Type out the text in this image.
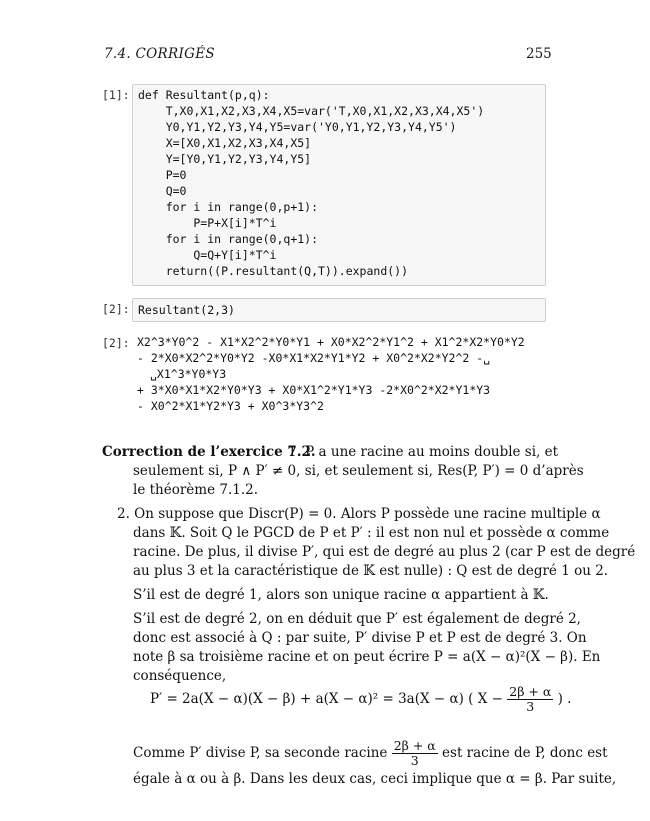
7.4. CORRIGÉS	255
[1]: def Resultant(p,q):
T,X0,X1,X2,X3,X4,X5=var('T,X0,X1,X2,X3,X4,X5')
Y0,Y1,Y2,Y3,Y4,Y5=var('Y0,Y1,Y2,Y3,Y4,Y5')
X=[X0,X1,X2,X3,X4,X5]
Y=[Y0,Y1,Y2,Y3,Y4,Y5]
P=0
Q=0
for i in range(0,p+1):
P=P+X[i]*T^i
for i in range(0,q+1):
Q=Q+Y[i]*T^i
return((P.resultant(Q,T)).expand())
[2]: Resultant(2,3)
[2]: X2^3*Y0^2 - X1*X2^2*Y0*Y1 + X0*X2^2*Y1^2 + X1^2*X2*Y0*Y2
- 2*X0*X2^2*Y0*Y2 -X0*X1*X2*Y1*Y2 + X0^2*X2*Y2^2 -␣
␣X1^3*Y0*Y3
+ 3*X0*X1*X2*Y0*Y3 + X0*X1^2*Y1*Y3 -2*X0^2*X2*Y1*Y3
- X0^2*X1*Y2*Y3 + X0^3*Y3^2
Correction de l’exercice 7.2.
1. P a une racine au moins double si, et
seulement si, P ∧ P′ ≠ 0, si, et seulement si, Res(P, P′) = 0 d’après
le théorème 7.1.2.
2. On suppose que Discr(P) = 0. Alors P possède une racine multiple α
dans 𝕂. Soit Q le PGCD de P et P′ : il est non nul et possède α comme
racine. De plus, il divise P′, qui est de degré au plus 2 (car P est de degré
au plus 3 et la caractéristique de 𝕂 est nulle) : Q est de degré 1 ou 2.
S’il est de degré 1, alors son unique racine α appartient à 𝕂.
S’il est de degré 2, on en déduit que P′ est également de degré 2,
donc est associé à Q : par suite, P′ divise P et P est de degré 3. On
note β sa troisième racine et on peut écrire P = a(X − α)²(X − β). En
conséquence,
P′ = 2a(X − α)(X − β) + a(X − α)² = 3a(X − α) ( $X - \frac{2\beta + \alpha}{3}$ ) .
Comme P′ divise P, sa seconde racine $\frac{2\beta + \alpha}{3}$ est racine de P, donc est
égale à α ou à β. Dans les deux cas, ceci implique que α = β. Par suite,
